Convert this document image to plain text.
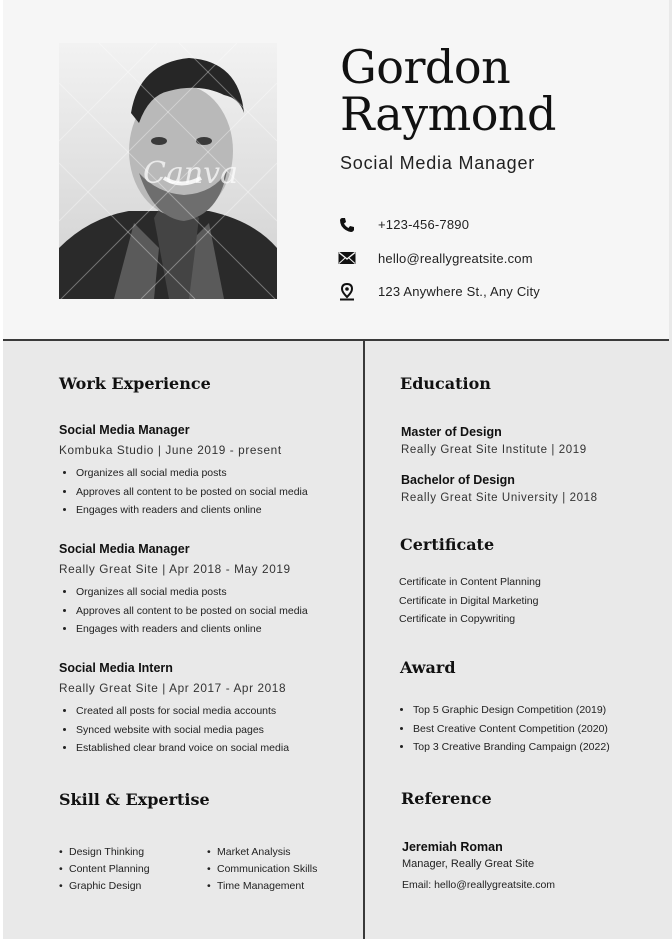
Canva
Gordon
Raymond
Social Media Manager
+123-456-7890
hello@reallygreatsite.com
123 Anywhere St., Any City
Work Experience
Social Media Manager
Kombuka Studio | June 2019 - present
• Organizes all social media posts
• Approves all content to be posted on social media
• Engages with readers and clients online
Social Media Manager
Really Great Site | Apr 2018 - May 2019
• Organizes all social media posts
• Approves all content to be posted on social media
• Engages with readers and clients online
Social Media Intern
Really Great Site | Apr 2017 - Apr 2018
• Created all posts for social media accounts
• Synced website with social media pages
• Established clear brand voice on social media
Skill & Expertise
• Design Thinking
• Content Planning
• Graphic Design
• Market Analysis
• Communication Skills
• Time Management
Education
Master of Design
Really Great Site Institute | 2019
Bachelor of Design
Really Great Site University | 2018
Certificate
Certificate in Content Planning
Certificate in Digital Marketing
Certificate in Copywriting
Award
• Top 5 Graphic Design Competition (2019)
• Best Creative Content Competition (2020)
• Top 3 Creative Branding Campaign (2022)
Reference
Jeremiah Roman
Manager, Really Great Site
Email: hello@reallygreatsite.com
